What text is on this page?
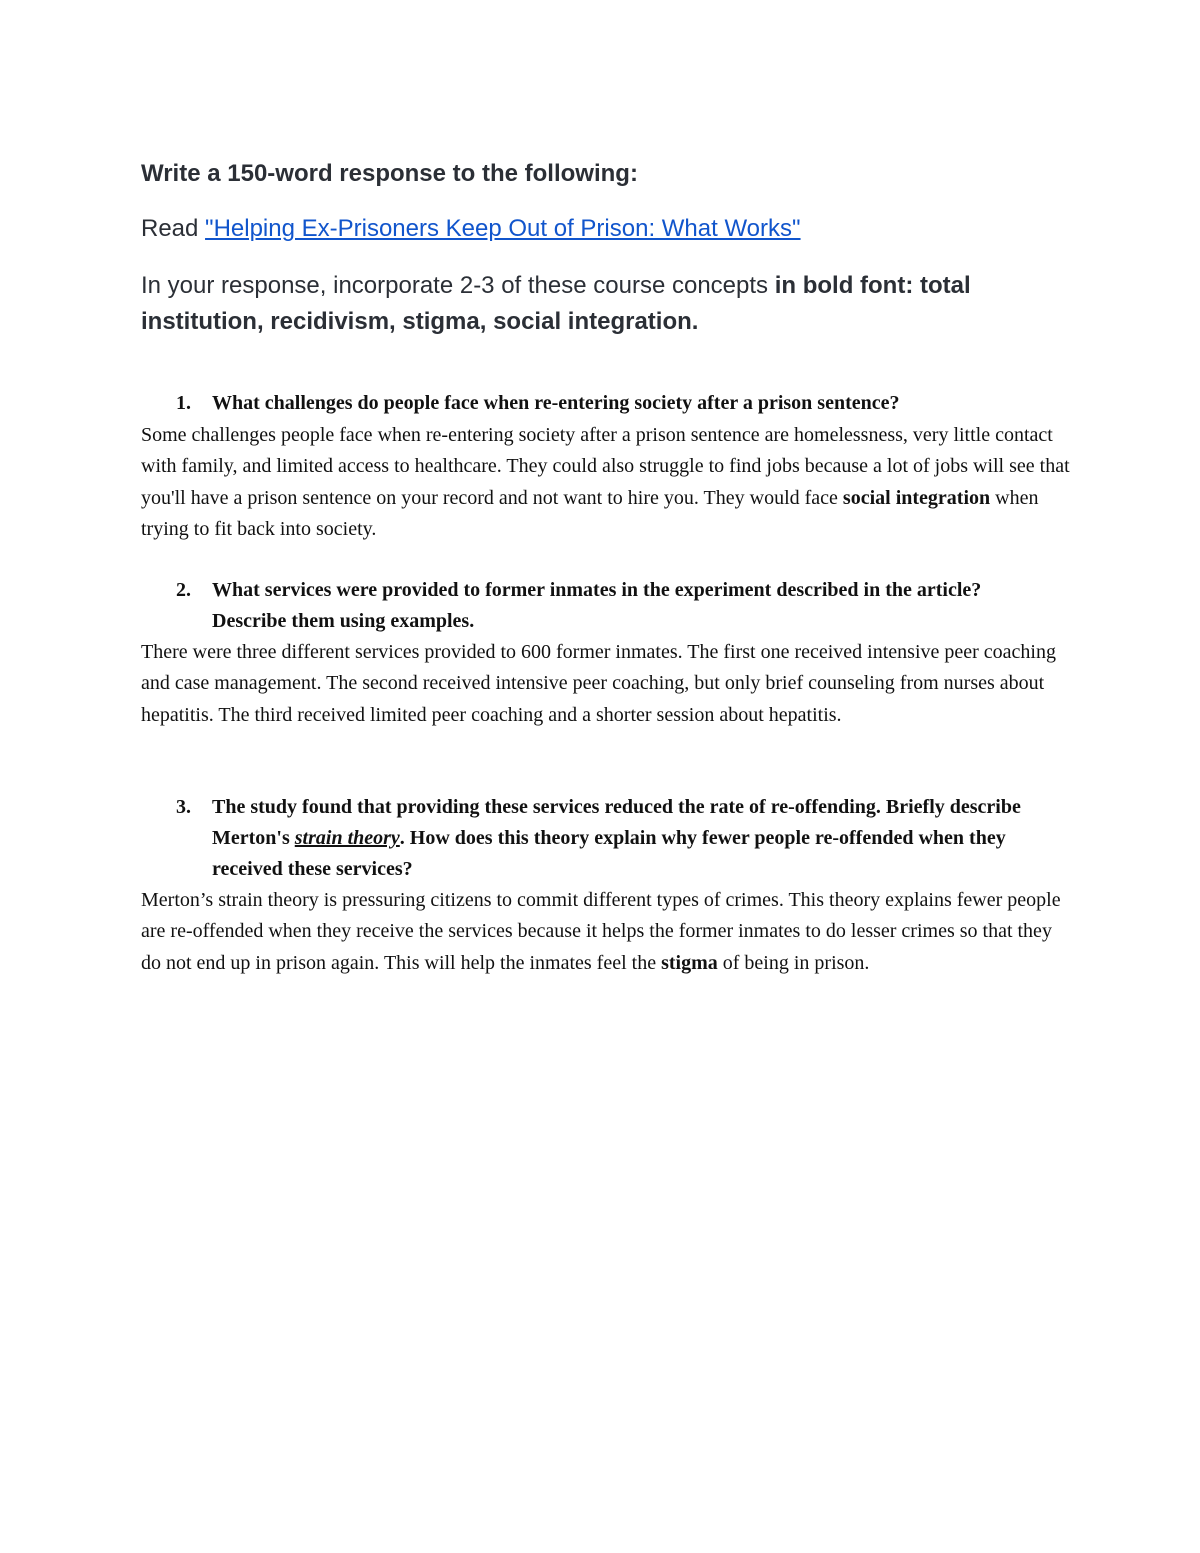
Write a 150-word response to the following:

Read "Helping Ex-Prisoners Keep Out of Prison: What Works"

In your response, incorporate 2-3 of these course concepts in bold font: total institution, recidivism, stigma, social integration.

1. What challenges do people face when re-entering society after a prison sentence?

Some challenges people face when re-entering society after a prison sentence are homelessness, very little contact with family, and limited access to healthcare. They could also struggle to find jobs because a lot of jobs will see that you'll have a prison sentence on your record and not want to hire you. They would face social integration when trying to fit back into society.

2. What services were provided to former inmates in the experiment described in the article? Describe them using examples.

There were three different services provided to 600 former inmates. The first one received intensive peer coaching and case management. The second received intensive peer coaching, but only brief counseling from nurses about hepatitis. The third received limited peer coaching and a shorter session about hepatitis.

3. The study found that providing these services reduced the rate of re-offending. Briefly describe Merton's strain theory. How does this theory explain why fewer people re-offended when they received these services?

Merton’s strain theory is pressuring citizens to commit different types of crimes. This theory explains fewer people are re-offended when they receive the services because it helps the former inmates to do lesser crimes so that they do not end up in prison again. This will help the inmates feel the stigma of being in prison.
